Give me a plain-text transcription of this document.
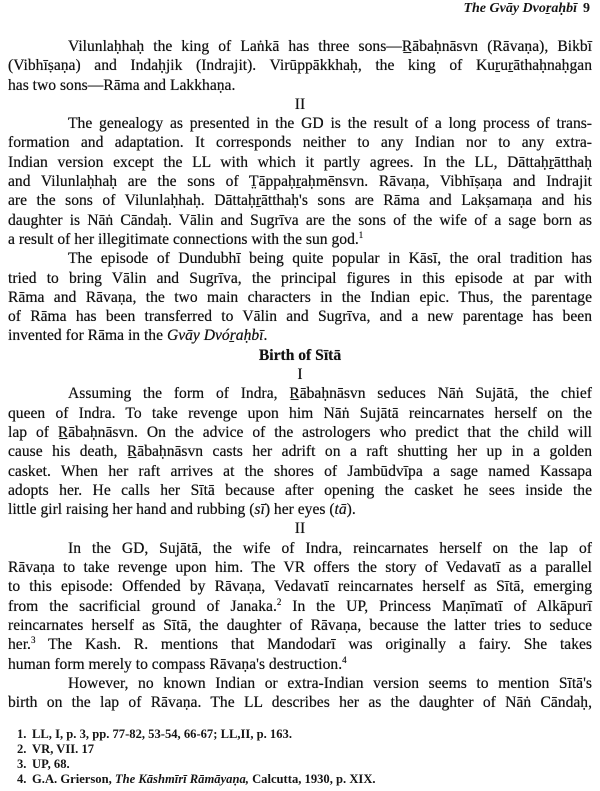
The Gvāy Dvoṟaḥbī 9
Vilunlaḥhaḥ the king of Laṅkā has three sons—R̲ābaḥnāsvn (Rāvaṇa), Bikbī
(Vibhīṣaṇa) and Indaḥjik (Indrajit). Virūppākkhaḥ, the king of Kuṟuṟāthaḥnaḥgan
has two sons—Rāma and Lakkhaṇa.
II
The genealogy as presented in the GD is the result of a long process of trans-
formation and adaptation. It corresponds neither to any Indian nor to any extra-
Indian version except the LL with which it partly agrees. In the LL, Dāttaḥṟātthaḥ
and Vilunlaḥhaḥ are the sons of T̤āppaḥṟaḥmēnsvn. Rāvaṇa, Vibhīṣaṇa and Indrajit
are the sons of Vilunlaḥhaḥ. Dāttaḥṟātthaḥ's sons are Rāma and Lakṣamaṇa and his
daughter is Nāṅ Cāndaḥ. Vālin and Sugrīva are the sons of the wife of a sage born as
a result of her illegitimate connections with the sun god.$^1$
The episode of Dundubhī being quite popular in Kāsī, the oral tradition has
tried to bring Vālin and Sugrīva, the principal figures in this episode at par with
Rāma and Rāvaṇa, the two main characters in the Indian epic. Thus, the parentage
of Rāma has been transferred to Vālin and Sugrīva, and a new parentage has been
invented for Rāma in the Gvāy Dvóṟaḥbī.
Birth of Sītā
I
Assuming the form of Indra, R̲ābaḥnāsvn seduces Nāṅ Sujātā, the chief
queen of Indra. To take revenge upon him Nāṅ Sujātā reincarnates herself on the
lap of R̲ābaḥnāsvn. On the advice of the astrologers who predict that the child will
cause his death, R̲ābaḥnāsvn casts her adrift on a raft shutting her up in a golden
casket. When her raft arrives at the shores of Jambūdvīpa a sage named Kassapa
adopts her. He calls her Sītā because after opening the casket he sees inside the
little girl raising her hand and rubbing (sī) her eyes (tā).
II
In the GD, Sujātā, the wife of Indra, reincarnates herself on the lap of
Rāvaṇa to take revenge upon him. The VR offers the story of Vedavatī as a parallel
to this episode: Offended by Rāvaṇa, Vedavatī reincarnates herself as Sītā, emerging
from the sacrificial ground of Janaka.$^2$ In the UP, Princess Maṇīmatī of Alkāpurī
reincarnates herself as Sītā, the daughter of Rāvaṇa, because the latter tries to seduce
her.$^3$ The Kash. R. mentions that Mandodarī was originally a fairy. She takes
human form merely to compass Rāvaṇa's destruction.$^4$
However, no known Indian or extra-Indian version seems to mention Sītā's
birth on the lap of Rāvaṇa. The LL describes her as the daughter of Nāṅ Cāndaḥ,
1. LL, I, p. 3, pp. 77-82, 53-54, 66-67; LL,II, p. 163.
2. VR, VII. 17
3. UP, 68.
4. G.A. Grierson, The Kāshmīrī Rāmāyaṇa, Calcutta, 1930, p. XIX.
